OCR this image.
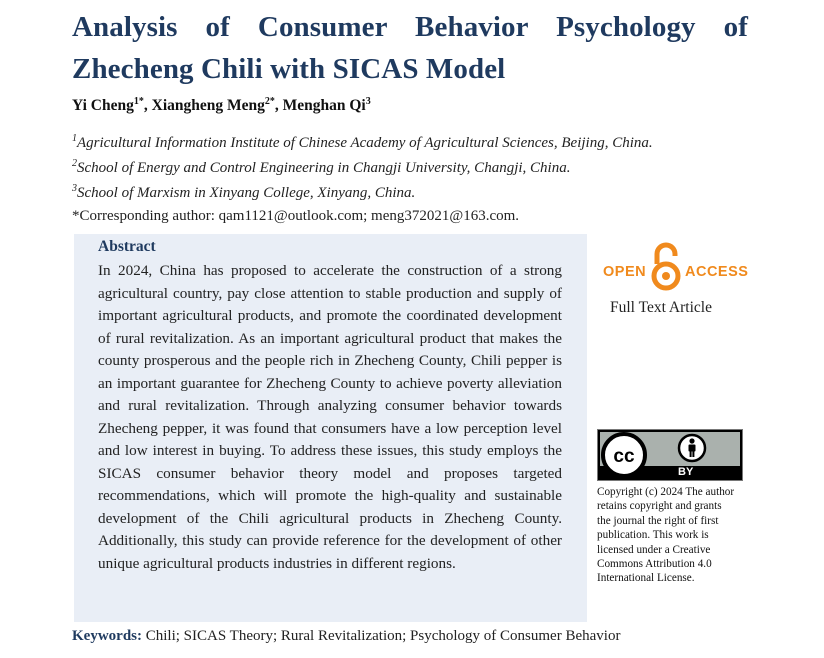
Analysis of Consumer Behavior Psychology of
Zhecheng Chili with SICAS Model
Yi Cheng$^{1*}$, Xiangheng Meng$^{2*}$, Menghan Qi$^3$
$^1$Agricultural Information Institute of Chinese Academy of Agricultural Sciences, Beijing, China.
$^2$School of Energy and Control Engineering in Changji University, Changji, China.
$^3$School of Marxism in Xinyang College, Xinyang, China.
*Corresponding author: qam1121@outlook.com; meng372021@163.com.
Abstract
In 2024, China has proposed to accelerate the construction of a strong agricultural country, pay close attention to stable production and supply of important agricultural products, and promote the coordinated development of rural revitalization. As an important agricultural product that makes the county prosperous and the people rich in Zhecheng County, Chili pepper is an important guarantee for Zhecheng County to achieve poverty alleviation and rural revitalization. Through analyzing consumer behavior towards Zhecheng pepper, it was found that consumers have a low perception level and low interest in buying. To address these issues, this study employs the SICAS consumer behavior theory model and proposes targeted recommendations, which will promote the high-quality and sustainable development of the Chili agricultural products in Zhecheng County. Additionally, this study can provide reference for the development of other unique agricultural products industries in different regions.
OPEN	ACCESS
Full Text Article
cc
BY
Copyright (c) 2024 The author retains copyright and grants the journal the right of first publication. This work is licensed under a Creative Commons Attribution 4.0 International License.
Keywords: Chili; SICAS Theory; Rural Revitalization; Psychology of Consumer Behavior
